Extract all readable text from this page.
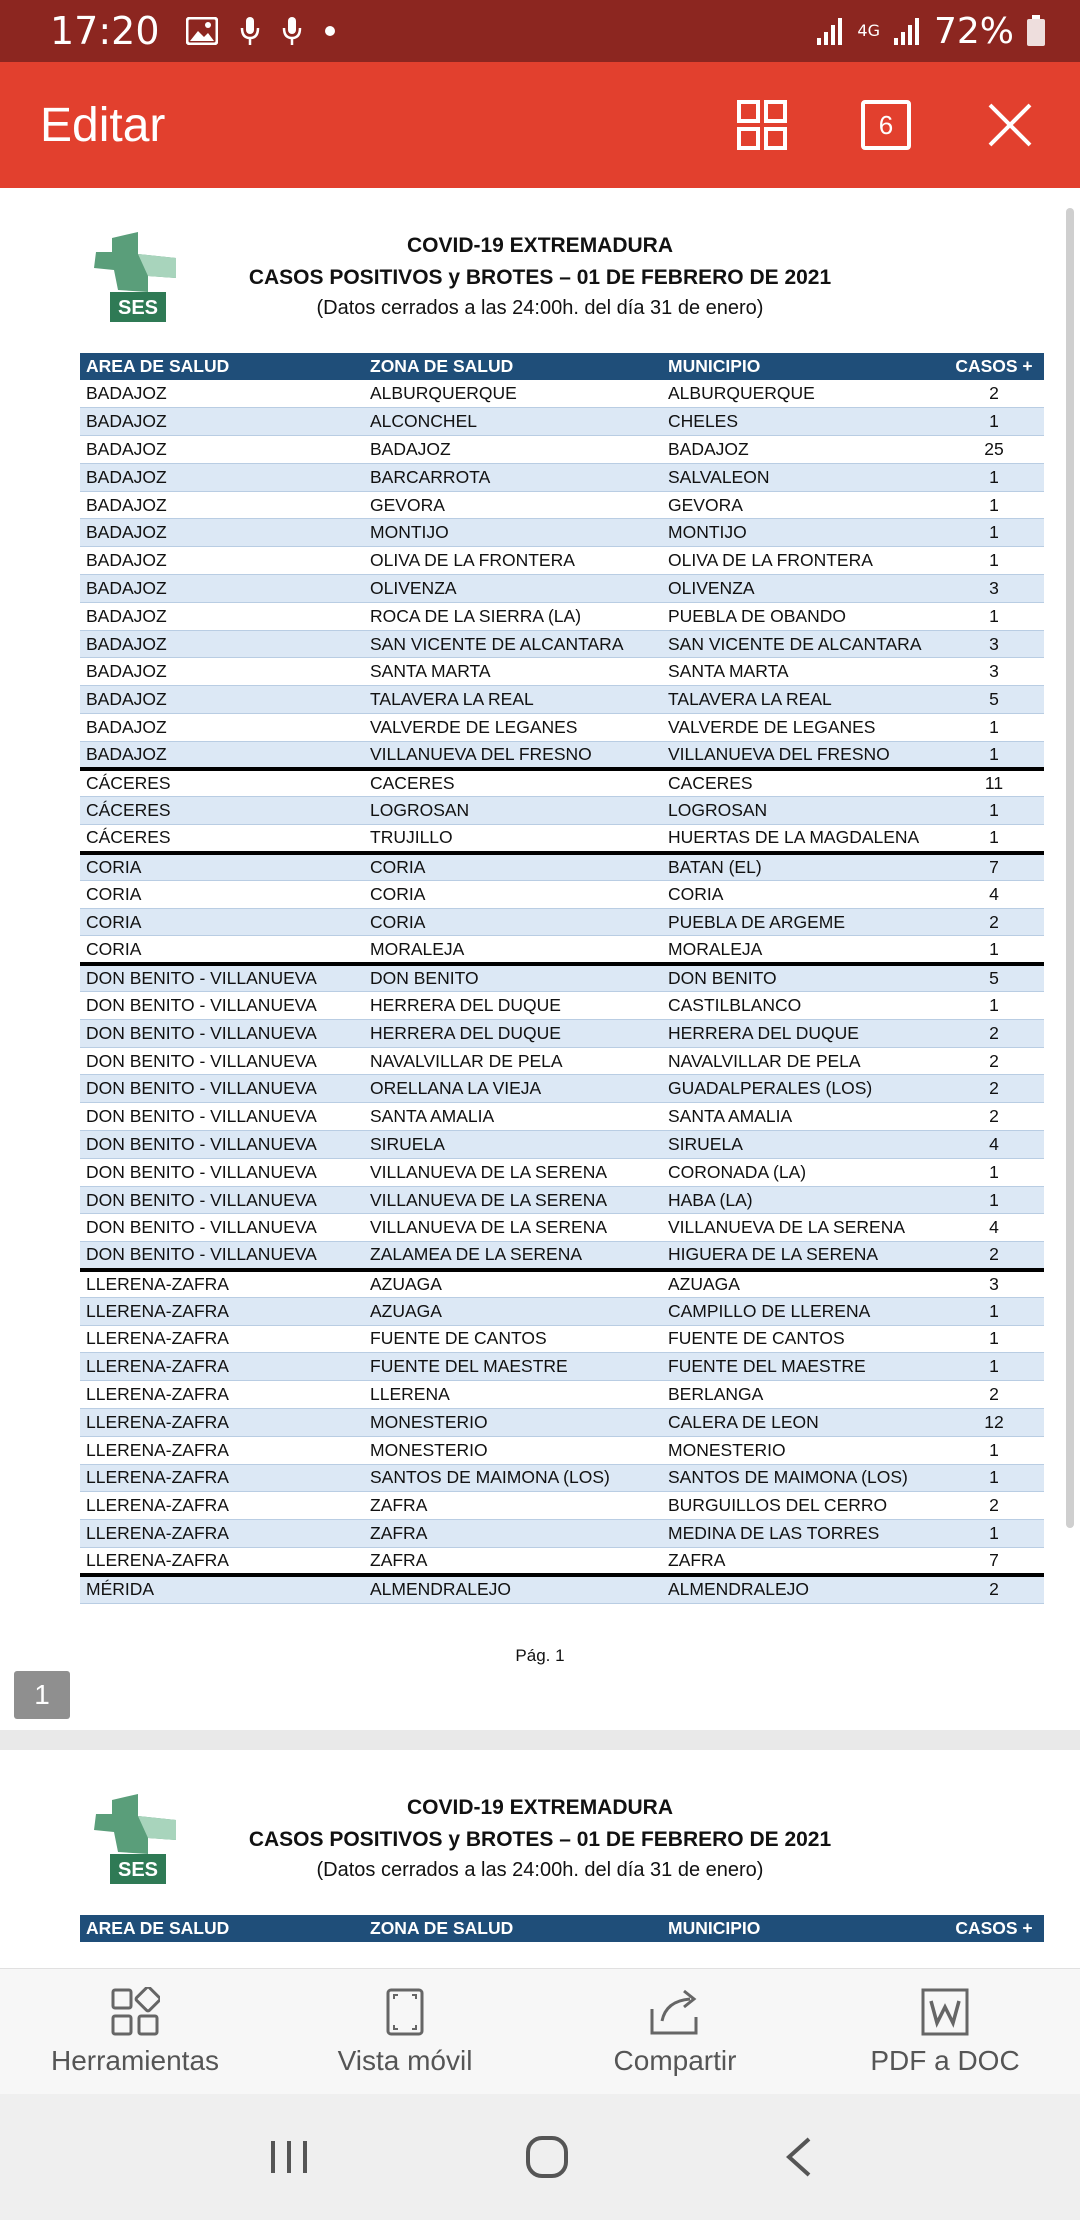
17:20	4G 72%
Editar	6
SES
COVID-19 EXTREMADURA
CASOS POSITIVOS y BROTES – 01 DE FEBRERO DE 2021
(Datos cerrados a las 24:00h. del día 31 de enero)
AREA DE SALUD	ZONA DE SALUD	MUNICIPIO	CASOS +
BADAJOZ	ALBURQUERQUE	ALBURQUERQUE	2
BADAJOZ	ALCONCHEL	CHELES	1
BADAJOZ	BADAJOZ	BADAJOZ	25
BADAJOZ	BARCARROTA	SALVALEON	1
BADAJOZ	GEVORA	GEVORA	1
BADAJOZ	MONTIJO	MONTIJO	1
BADAJOZ	OLIVA DE LA FRONTERA	OLIVA DE LA FRONTERA	1
BADAJOZ	OLIVENZA	OLIVENZA	3
BADAJOZ	ROCA DE LA SIERRA (LA)	PUEBLA DE OBANDO	1
BADAJOZ	SAN VICENTE DE ALCANTARA	SAN VICENTE DE ALCANTARA	3
BADAJOZ	SANTA MARTA	SANTA MARTA	3
BADAJOZ	TALAVERA LA REAL	TALAVERA LA REAL	5
BADAJOZ	VALVERDE DE LEGANES	VALVERDE DE LEGANES	1
BADAJOZ	VILLANUEVA DEL FRESNO	VILLANUEVA DEL FRESNO	1
CÁCERES	CACERES	CACERES	11
CÁCERES	LOGROSAN	LOGROSAN	1
CÁCERES	TRUJILLO	HUERTAS DE LA MAGDALENA	1
CORIA	CORIA	BATAN (EL)	7
CORIA	CORIA	CORIA	4
CORIA	CORIA	PUEBLA DE ARGEME	2
CORIA	MORALEJA	MORALEJA	1
DON BENITO - VILLANUEVA	DON BENITO	DON BENITO	5
DON BENITO - VILLANUEVA	HERRERA DEL DUQUE	CASTILBLANCO	1
DON BENITO - VILLANUEVA	HERRERA DEL DUQUE	HERRERA DEL DUQUE	2
DON BENITO - VILLANUEVA	NAVALVILLAR DE PELA	NAVALVILLAR DE PELA	2
DON BENITO - VILLANUEVA	ORELLANA LA VIEJA	GUADALPERALES (LOS)	2
DON BENITO - VILLANUEVA	SANTA AMALIA	SANTA AMALIA	2
DON BENITO - VILLANUEVA	SIRUELA	SIRUELA	4
DON BENITO - VILLANUEVA	VILLANUEVA DE LA SERENA	CORONADA (LA)	1
DON BENITO - VILLANUEVA	VILLANUEVA DE LA SERENA	HABA (LA)	1
DON BENITO - VILLANUEVA	VILLANUEVA DE LA SERENA	VILLANUEVA DE LA SERENA	4
DON BENITO - VILLANUEVA	ZALAMEA DE LA SERENA	HIGUERA DE LA SERENA	2
LLERENA-ZAFRA	AZUAGA	AZUAGA	3
LLERENA-ZAFRA	AZUAGA	CAMPILLO DE LLERENA	1
LLERENA-ZAFRA	FUENTE DE CANTOS	FUENTE DE CANTOS	1
LLERENA-ZAFRA	FUENTE DEL MAESTRE	FUENTE DEL MAESTRE	1
LLERENA-ZAFRA	LLERENA	BERLANGA	2
LLERENA-ZAFRA	MONESTERIO	CALERA DE LEON	12
LLERENA-ZAFRA	MONESTERIO	MONESTERIO	1
LLERENA-ZAFRA	SANTOS DE MAIMONA (LOS)	SANTOS DE MAIMONA (LOS)	1
LLERENA-ZAFRA	ZAFRA	BURGUILLOS DEL CERRO	2
LLERENA-ZAFRA	ZAFRA	MEDINA DE LAS TORRES	1
LLERENA-ZAFRA	ZAFRA	ZAFRA	7
MÉRIDA	ALMENDRALEJO	ALMENDRALEJO	2
Pág. 1
1
SES
COVID-19 EXTREMADURA
CASOS POSITIVOS y BROTES – 01 DE FEBRERO DE 2021
(Datos cerrados a las 24:00h. del día 31 de enero)
AREA DE SALUD	ZONA DE SALUD	MUNICIPIO	CASOS +
Herramientas	Vista móvil	Compartir	PDF a DOC
